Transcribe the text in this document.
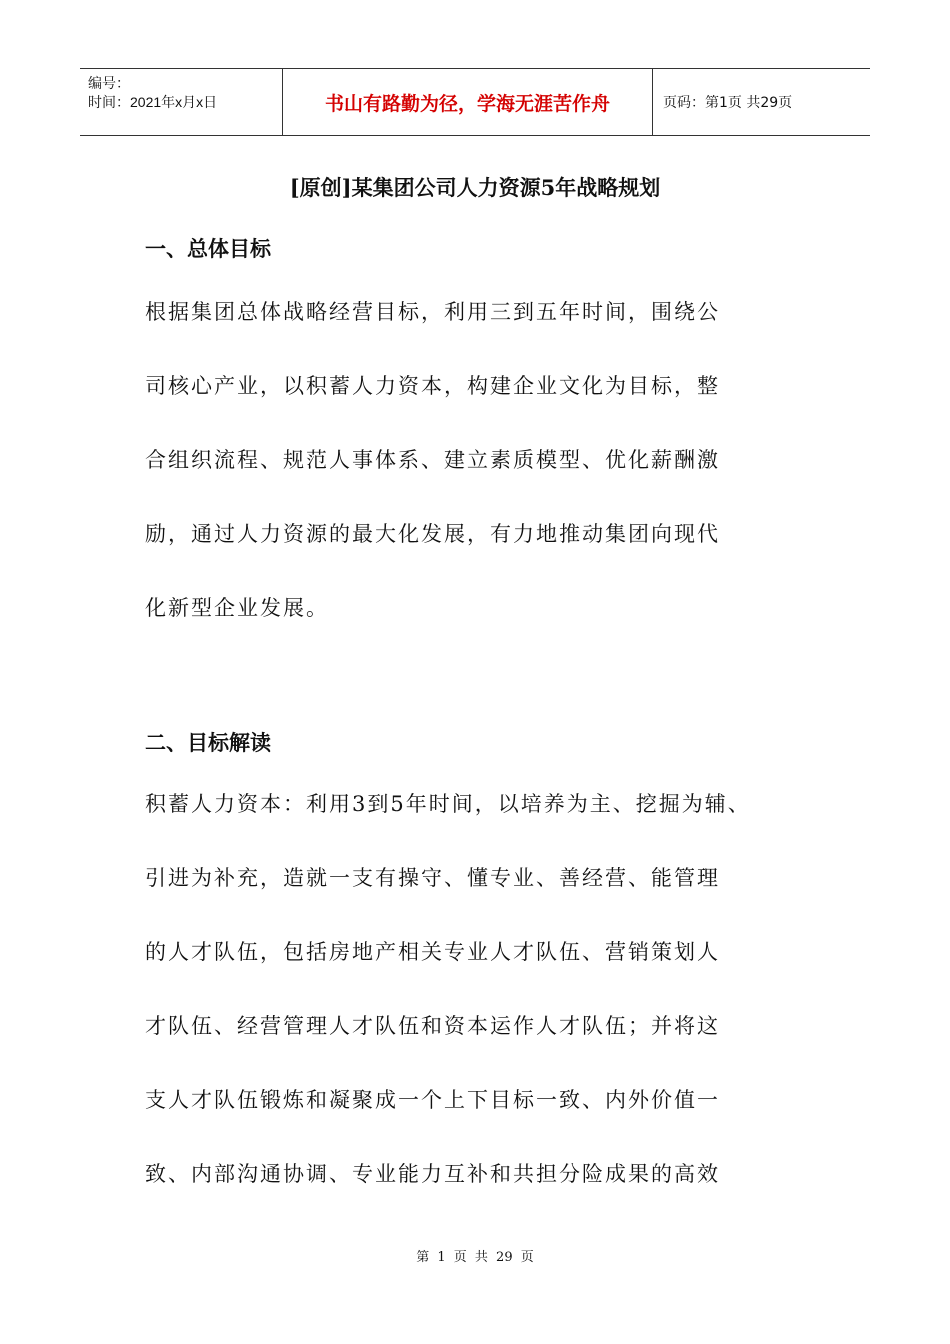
编号：
时间：2021年x月x日	书山有路勤为径，学海无涯苦作舟	页码：第1页 共29页
[原创]某集团公司人力资源5年战略规划
一、总体目标
根据集团总体战略经营目标，利用三到五年时间，围绕公
司核心产业，以积蓄人力资本，构建企业文化为目标，整
合组织流程、规范人事体系、建立素质模型、优化薪酬激
励，通过人力资源的最大化发展，有力地推动集团向现代
化新型企业发展。
二、目标解读
积蓄人力资本：利用3到5年时间，以培养为主、挖掘为辅、
引进为补充，造就一支有操守、懂专业、善经营、能管理
的人才队伍，包括房地产相关专业人才队伍、营销策划人
才队伍、经营管理人才队伍和资本运作人才队伍；并将这
支人才队伍锻炼和凝聚成一个上下目标一致、内外价值一
致、内部沟通协调、专业能力互补和共担分险成果的高效
第 1 页 共 29 页
